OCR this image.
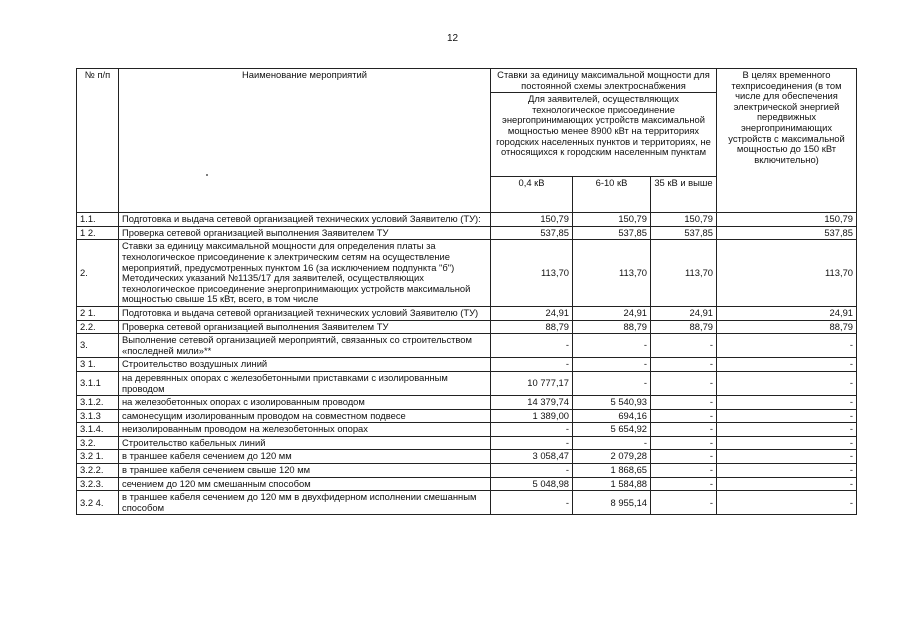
12
№ п/п	Наименование мероприятий	Ставки за единицу максимальной мощности для постоянной схемы электроснабжения			В целях временного техприсоединения (в том числе для обеспечения электрической энергией передвижных энергопринимающих устройств с максимальной мощностью до 150 кВт включительно)
		Для заявителей, осуществляющих технологическое присоединение энергопринимающих устройств максимальной мощностью менее 8900 кВт на территориях городских населенных пунктов и территориях, не относящихся к городским населенным пунктам			
		0,4 кВ	6-10 кВ	35 кВ и выше	
1.1.	Подготовка и выдача сетевой организацией технических условий Заявителю (ТУ):	150,79	150,79	150,79	150,79
1 2.	Проверка сетевой организацией выполнения Заявителем ТУ	537,85	537,85	537,85	537,85
2.	Ставки за единицу максимальной мощности для определения платы за технологическое присоединение к электрическим сетям на осуществление мероприятий, предусмотренных пунктом 16 (за исключением подпункта "б") Методических указаний №1135/17 для заявителей, осуществляющих технологическое присоединение энергопринимающих устройств максимальной мощностью свыше 15 кВт, всего, в том числе	113,70	113,70	113,70	113,70
2 1.	Подготовка и выдача сетевой организацией технических условий Заявителю (ТУ)	24,91	24,91	24,91	24,91
2.2.	Проверка сетевой организацией выполнения Заявителем ТУ	88,79	88,79	88,79	88,79
3.	Выполнение сетевой организацией мероприятий, связанных со строительством «последней мили»**	-	-	-	-
3 1.	Строительство воздушных линий	-	-	-	-
3.1.1	на деревянных опорах с железобетонными приставками с изолированным проводом	10 777,17	-	-	-
3.1.2.	на железобетонных опорах с изолированным проводом	14 379,74	5 540,93	-	-
3.1.3	самонесущим изолированным проводом на совместном подвесе	1 389,00	694,16	-	-
3.1.4.	неизолированным проводом на железобетонных опорах	-	5 654,92	-	-
3.2.	Строительство кабельных линий	-	-	-	-
3.2 1.	в траншее кабеля сечением до 120 мм	3 058,47	2 079,28	-	-
3.2.2.	в траншее кабеля сечением свыше 120 мм	-	1 868,65	-	-
3.2.3.	сечением до 120 мм смешанным способом	5 048,98	1 584,88	-	-
3.2 4.	в траншее кабеля сечением до 120 мм в двухфидерном исполнении смешанным способом	-	8 955,14	-	-
